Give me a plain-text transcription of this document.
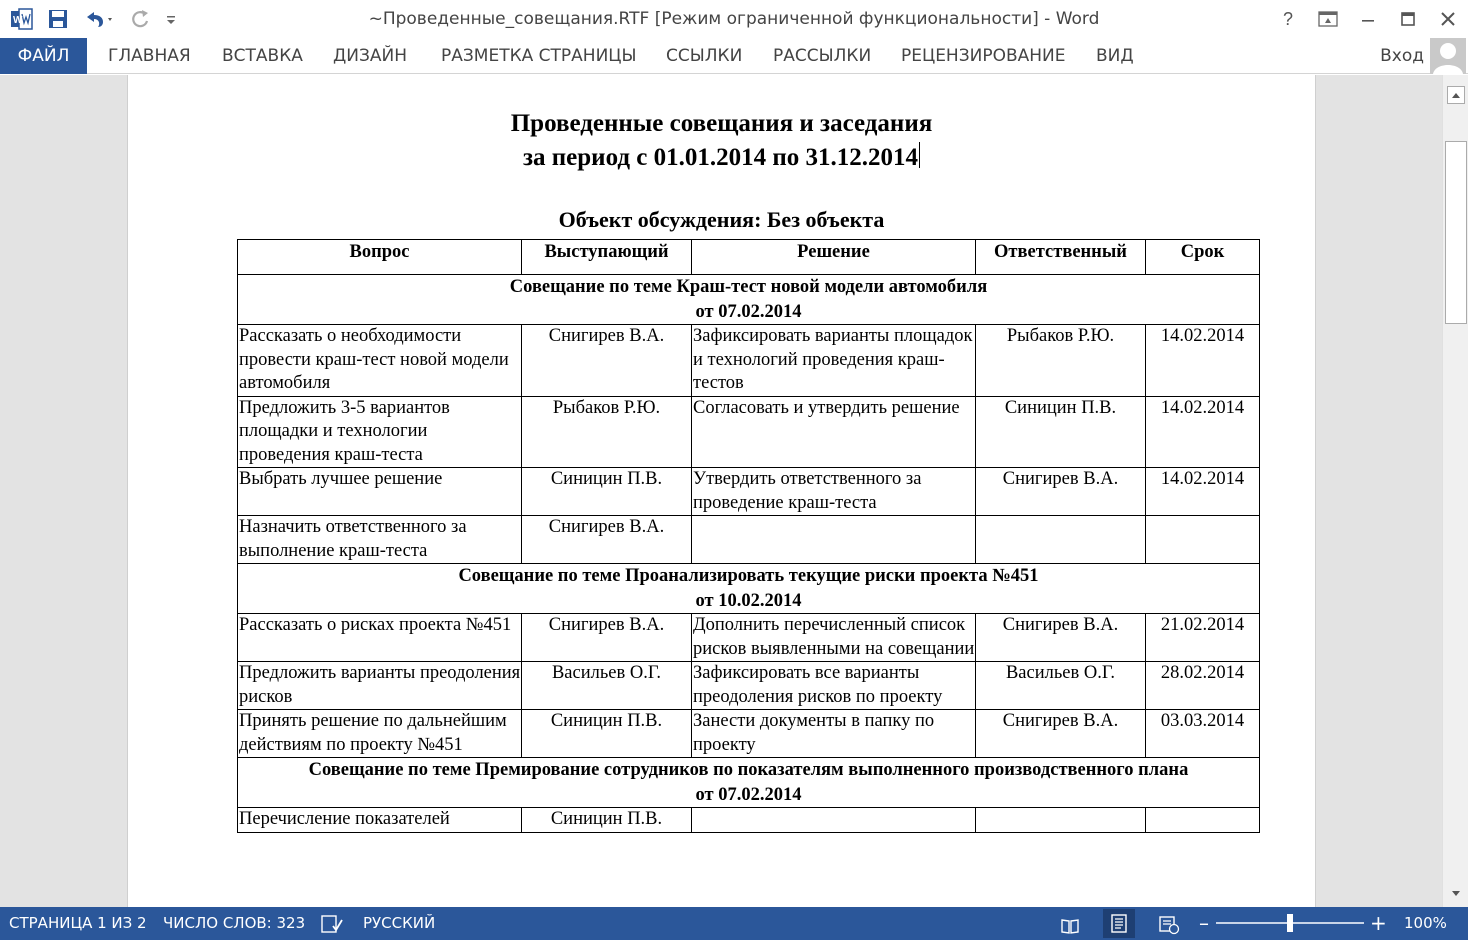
W	~Проведенные_совещания.RTF [Режим ограниченной функциональности] - Word	?
ФАЙЛ	ГЛАВНАЯ ВСТАВКА ДИЗАЙН РАЗМЕТКА СТРАНИЦЫ ССЫЛКИ РАССЫЛКИ РЕЦЕНЗИРОВАНИЕ ВИД	Вход
Проведенные совещания и заседания
за период с 01.01.2014 по 31.12.2014
Объект обсуждения: Без объекта
Вопрос	Выступающий	Решение	Ответственный	Срок

Совещание по теме Краш-тест новой модели автомобиля
от 07.02.2014				

Рассказать о необходимости провести краш-тест новой модели автомобиля	Снигирев В.А.	Зафиксировать варианты площадок и технологий проведения краш-тестов	Рыбаков Р.Ю.	14.02.2014
Предложить 3-5 вариантов площадки и технологии проведения краш-теста	Рыбаков Р.Ю.	Согласовать и утвердить решение	Синицин П.В.	14.02.2014
Выбрать лучшее решение	Синицин П.В.	Утвердить ответственного за проведение краш-теста	Снигирев В.А.	14.02.2014
Назначить ответственного за выполнение краш-теста	Снигирев В.А.			

Совещание по теме Проанализировать текущие риски проекта №451
от 10.02.2014				

Рассказать о рисках проекта №451	Снигирев В.А.	Дополнить перечисленный список рисков выявленными на совещании	Снигирев В.А.	21.02.2014
Предложить варианты преодоления рисков	Васильев О.Г.	Зафиксировать все варианты преодоления рисков по проекту	Васильев О.Г.	28.02.2014
Принять решение по дальнейшим действиям по проекту №451	Синицин П.В.	Занести документы в папку по проекту	Снигирев В.А.	03.03.2014

Совещание по теме Премирование сотрудников по показателям выполненного производственного плана
от 07.02.2014				

Перечисление показателей	Синицин П.В.			
СТРАНИЦА 1 ИЗ 2 ЧИСЛО СЛОВ: 323	РУССКИЙ	–	+ 100%
